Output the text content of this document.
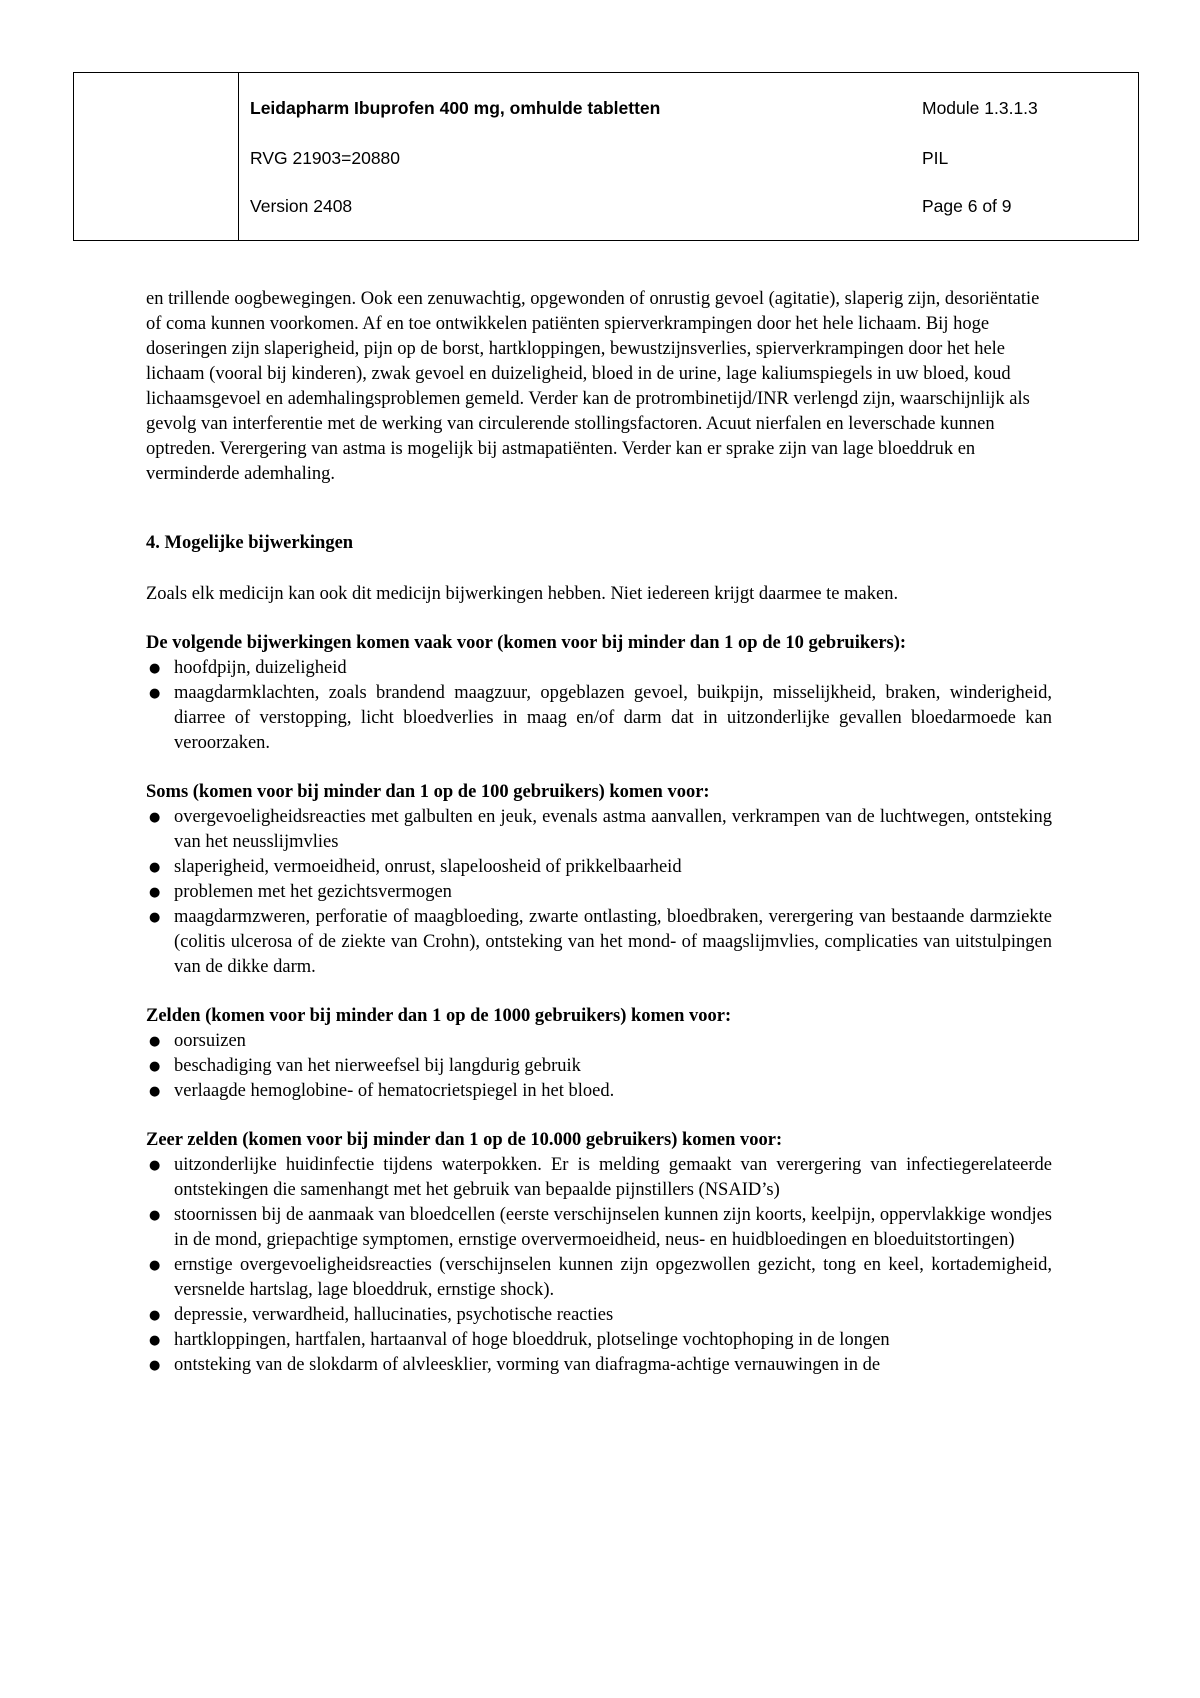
Leidapharm Ibuprofen 400 mg, omhulde tabletten
RVG 21903=20880
Version 2408
Module 1.3.1.3
PIL
Page 6 of 9

en trillende oogbewegingen. Ook een zenuwachtig, opgewonden of onrustig gevoel (agitatie), slaperig zijn, desoriëntatie of coma kunnen voorkomen. Af en toe ontwikkelen patiënten spierverkrampingen door het hele lichaam. Bij hoge doseringen zijn slaperigheid, pijn op de borst, hartkloppingen, bewustzijnsverlies, spierverkrampingen door het hele lichaam (vooral bij kinderen), zwak gevoel en duizeligheid, bloed in de urine, lage kaliumspiegels in uw bloed, koud lichaamsgevoel en ademhalingsproblemen gemeld. Verder kan de protrombinetijd/INR verlengd zijn, waarschijnlijk als gevolg van interferentie met de werking van circulerende stollingsfactoren. Acuut nierfalen en leverschade kunnen optreden. Verergering van astma is mogelijk bij astmapatiënten. Verder kan er sprake zijn van lage bloeddruk en verminderde ademhaling.

4. Mogelijke bijwerkingen

Zoals elk medicijn kan ook dit medicijn bijwerkingen hebben. Niet iedereen krijgt daarmee te maken.

De volgende bijwerkingen komen vaak voor (komen voor bij minder dan 1 op de 10 gebruikers):

● hoofdpijn, duizeligheid
● maagdarmklachten, zoals brandend maagzuur, opgeblazen gevoel, buikpijn, misselijkheid, braken, winderigheid, diarree of verstopping, licht bloedverlies in maag en/of darm dat in uitzonderlijke gevallen bloedarmoede kan veroorzaken.

Soms (komen voor bij minder dan 1 op de 100 gebruikers) komen voor:

● overgevoeligheidsreacties met galbulten en jeuk, evenals astma aanvallen, verkrampen van de luchtwegen, ontsteking van het neusslijmvlies
● slaperigheid, vermoeidheid, onrust, slapeloosheid of prikkelbaarheid
● problemen met het gezichtsvermogen
● maagdarmzweren, perforatie of maagbloeding, zwarte ontlasting, bloedbraken, verergering van bestaande darmziekte (colitis ulcerosa of de ziekte van Crohn), ontsteking van het mond- of maagslijmvlies, complicaties van uitstulpingen van de dikke darm.

Zelden (komen voor bij minder dan 1 op de 1000 gebruikers) komen voor:

● oorsuizen
● beschadiging van het nierweefsel bij langdurig gebruik
● verlaagde hemoglobine- of hematocrietspiegel in het bloed.

Zeer zelden (komen voor bij minder dan 1 op de 10.000 gebruikers) komen voor:

● uitzonderlijke huidinfectie tijdens waterpokken. Er is melding gemaakt van verergering van infectiegerelateerde ontstekingen die samenhangt met het gebruik van bepaalde pijnstillers (NSAID’s)
● stoornissen bij de aanmaak van bloedcellen (eerste verschijnselen kunnen zijn koorts, keelpijn, oppervlakkige wondjes in de mond, griepachtige symptomen, ernstige oververmoeidheid, neus- en huidbloedingen en bloeduitstortingen)
● ernstige overgevoeligheidsreacties (verschijnselen kunnen zijn opgezwollen gezicht, tong en keel, kortademigheid, versnelde hartslag, lage bloeddruk, ernstige shock).
● depressie, verwardheid, hallucinaties, psychotische reacties
● hartkloppingen, hartfalen, hartaanval of hoge bloeddruk, plotselinge vochtophoping in de longen
● ontsteking van de slokdarm of alvleesklier, vorming van diafragma-achtige vernauwingen in de
